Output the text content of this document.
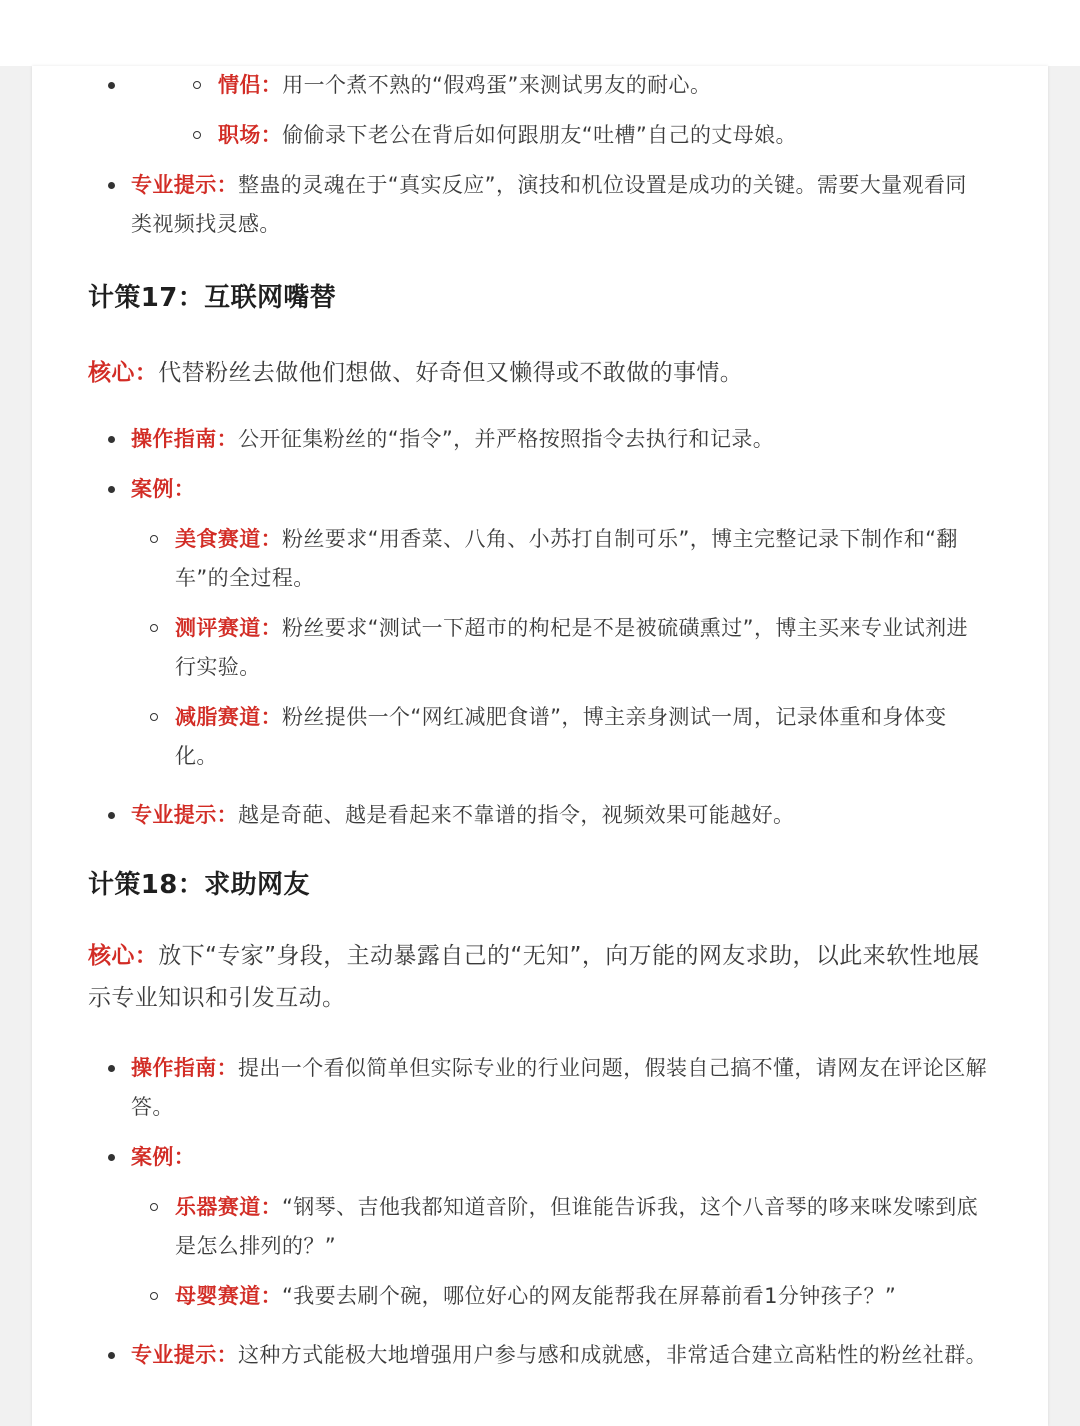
情侣：用一个煮不熟的“假鸡蛋”来测试男友的耐心。
职场：偷偷录下老公在背后如何跟朋友“吐槽”自己的丈母娘。
专业提示：整蛊的灵魂在于“真实反应”，演技和机位设置是成功的关键。需要大量观看同类视频找灵感。
计策17：互联网嘴替

核心：代替粉丝去做他们想做、好奇但又懒得或不敢做的事情。

操作指南：公开征集粉丝的“指令”，并严格按照指令去执行和记录。
案例：
美食赛道：粉丝要求“用香菜、八角、小苏打自制可乐”，博主完整记录下制作和“翻车”的全过程。
测评赛道：粉丝要求“测试一下超市的枸杞是不是被硫磺熏过”，博主买来专业试剂进行实验。
减脂赛道：粉丝提供一个“网红减肥食谱”，博主亲身测试一周，记录体重和身体变化。
专业提示：越是奇葩、越是看起来不靠谱的指令，视频效果可能越好。
计策18：求助网友

核心：放下“专家”身段，主动暴露自己的“无知”，向万能的网友求助，以此来软性地展示专业知识和引发互动。

操作指南：提出一个看似简单但实际专业的行业问题，假装自己搞不懂，请网友在评论区解答。
案例：
乐器赛道：“钢琴、吉他我都知道音阶，但谁能告诉我，这个八音琴的哆来咪发嗦到底是怎么排列的？”
母婴赛道：“我要去刷个碗，哪位好心的网友能帮我在屏幕前看1分钟孩子？”
专业提示：这种方式能极大地增强用户参与感和成就感，非常适合建立高粘性的粉丝社群。
